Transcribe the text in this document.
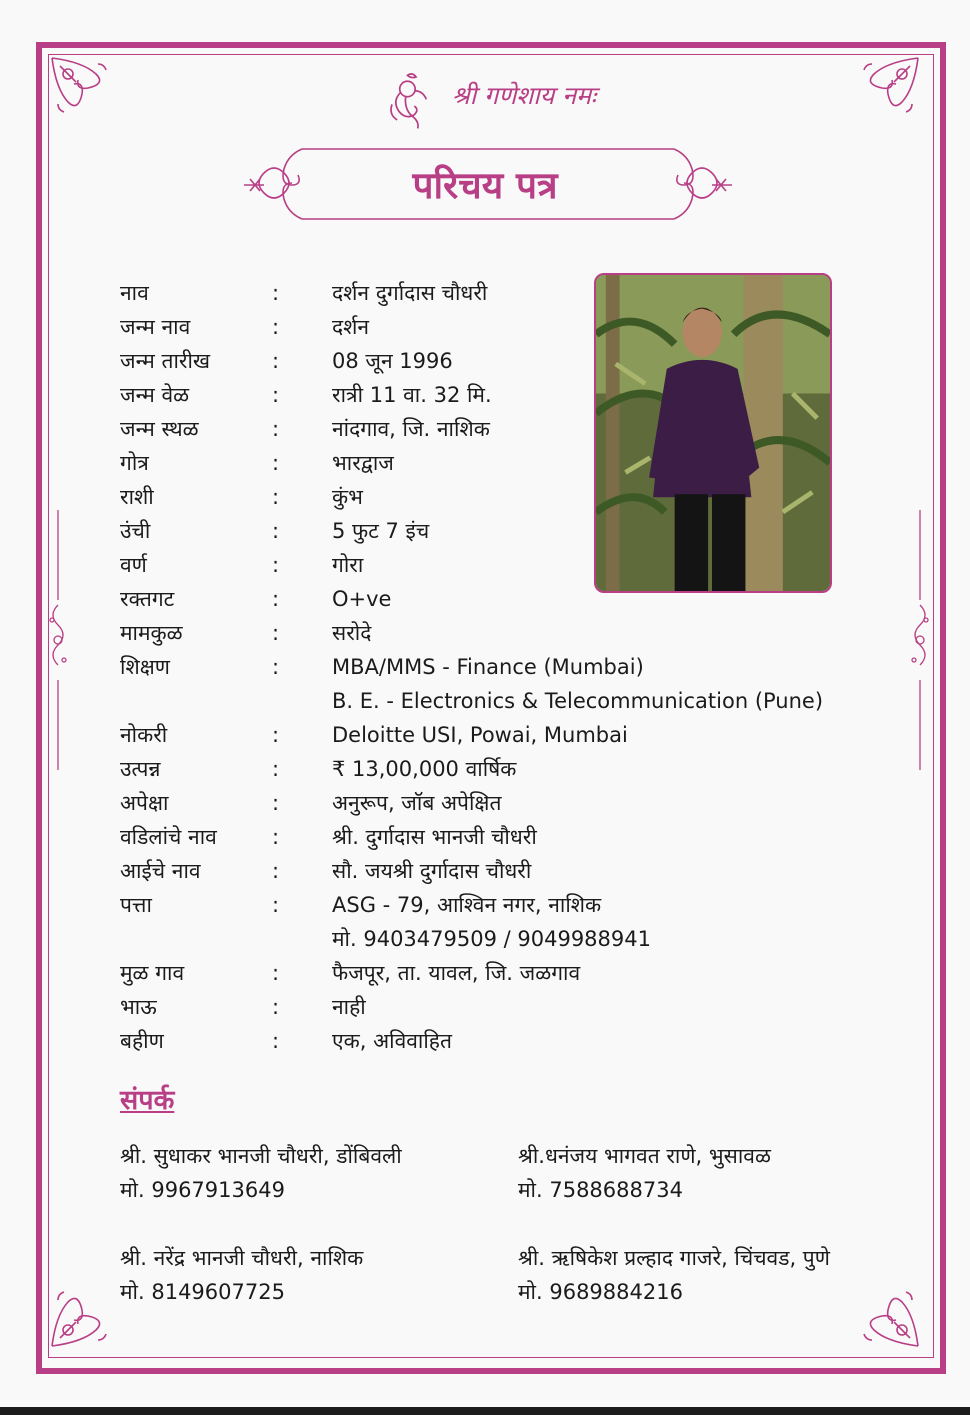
श्री गणेशाय नमः
परिचय पत्र
नाव	:	दर्शन दुर्गादास चौधरी
जन्म नाव	:	दर्शन
जन्म तारीख	:	08 जून 1996
जन्म वेळ	:	रात्री 11 वा. 32 मि.
जन्म स्थळ	:	नांदगाव, जि. नाशिक
गोत्र	:	भारद्वाज
राशी	:	कुंभ
उंची	:	5 फुट 7 इंच
वर्ण	:	गोरा
रक्तगट	:	O+ve
मामकुळ	:	सरोदे
शिक्षण	:	MBA/MMS - Finance (Mumbai)
B. E. - Electronics & Telecommunication (Pune)
नोकरी	:	Deloitte USI, Powai, Mumbai
उत्पन्न	:	₹ 13,00,000 वार्षिक
अपेक्षा	:	अनुरूप, जॉब अपेक्षित
वडिलांचे नाव	:	श्री. दुर्गादास भानजी चौधरी
आईचे नाव	:	सौ. जयश्री दुर्गादास चौधरी
पत्ता	:	ASG - 79, आश्विन नगर, नाशिक
मो. 9403479509 / 9049988941
मुळ गाव	:	फैजपूर, ता. यावल, जि. जळगाव
भाऊ	:	नाही
बहीण	:	एक, अविवाहित
संपर्क
श्री. सुधाकर भानजी चौधरी, डोंबिवली
मो. 9967913649
श्री.धनंजय भागवत राणे, भुसावळ
मो. 7588688734
श्री. नरेंद्र भानजी चौधरी, नाशिक
मो. 8149607725
श्री. ऋषिकेश प्रल्हाद गाजरे, चिंचवड, पुणे
मो. 9689884216
